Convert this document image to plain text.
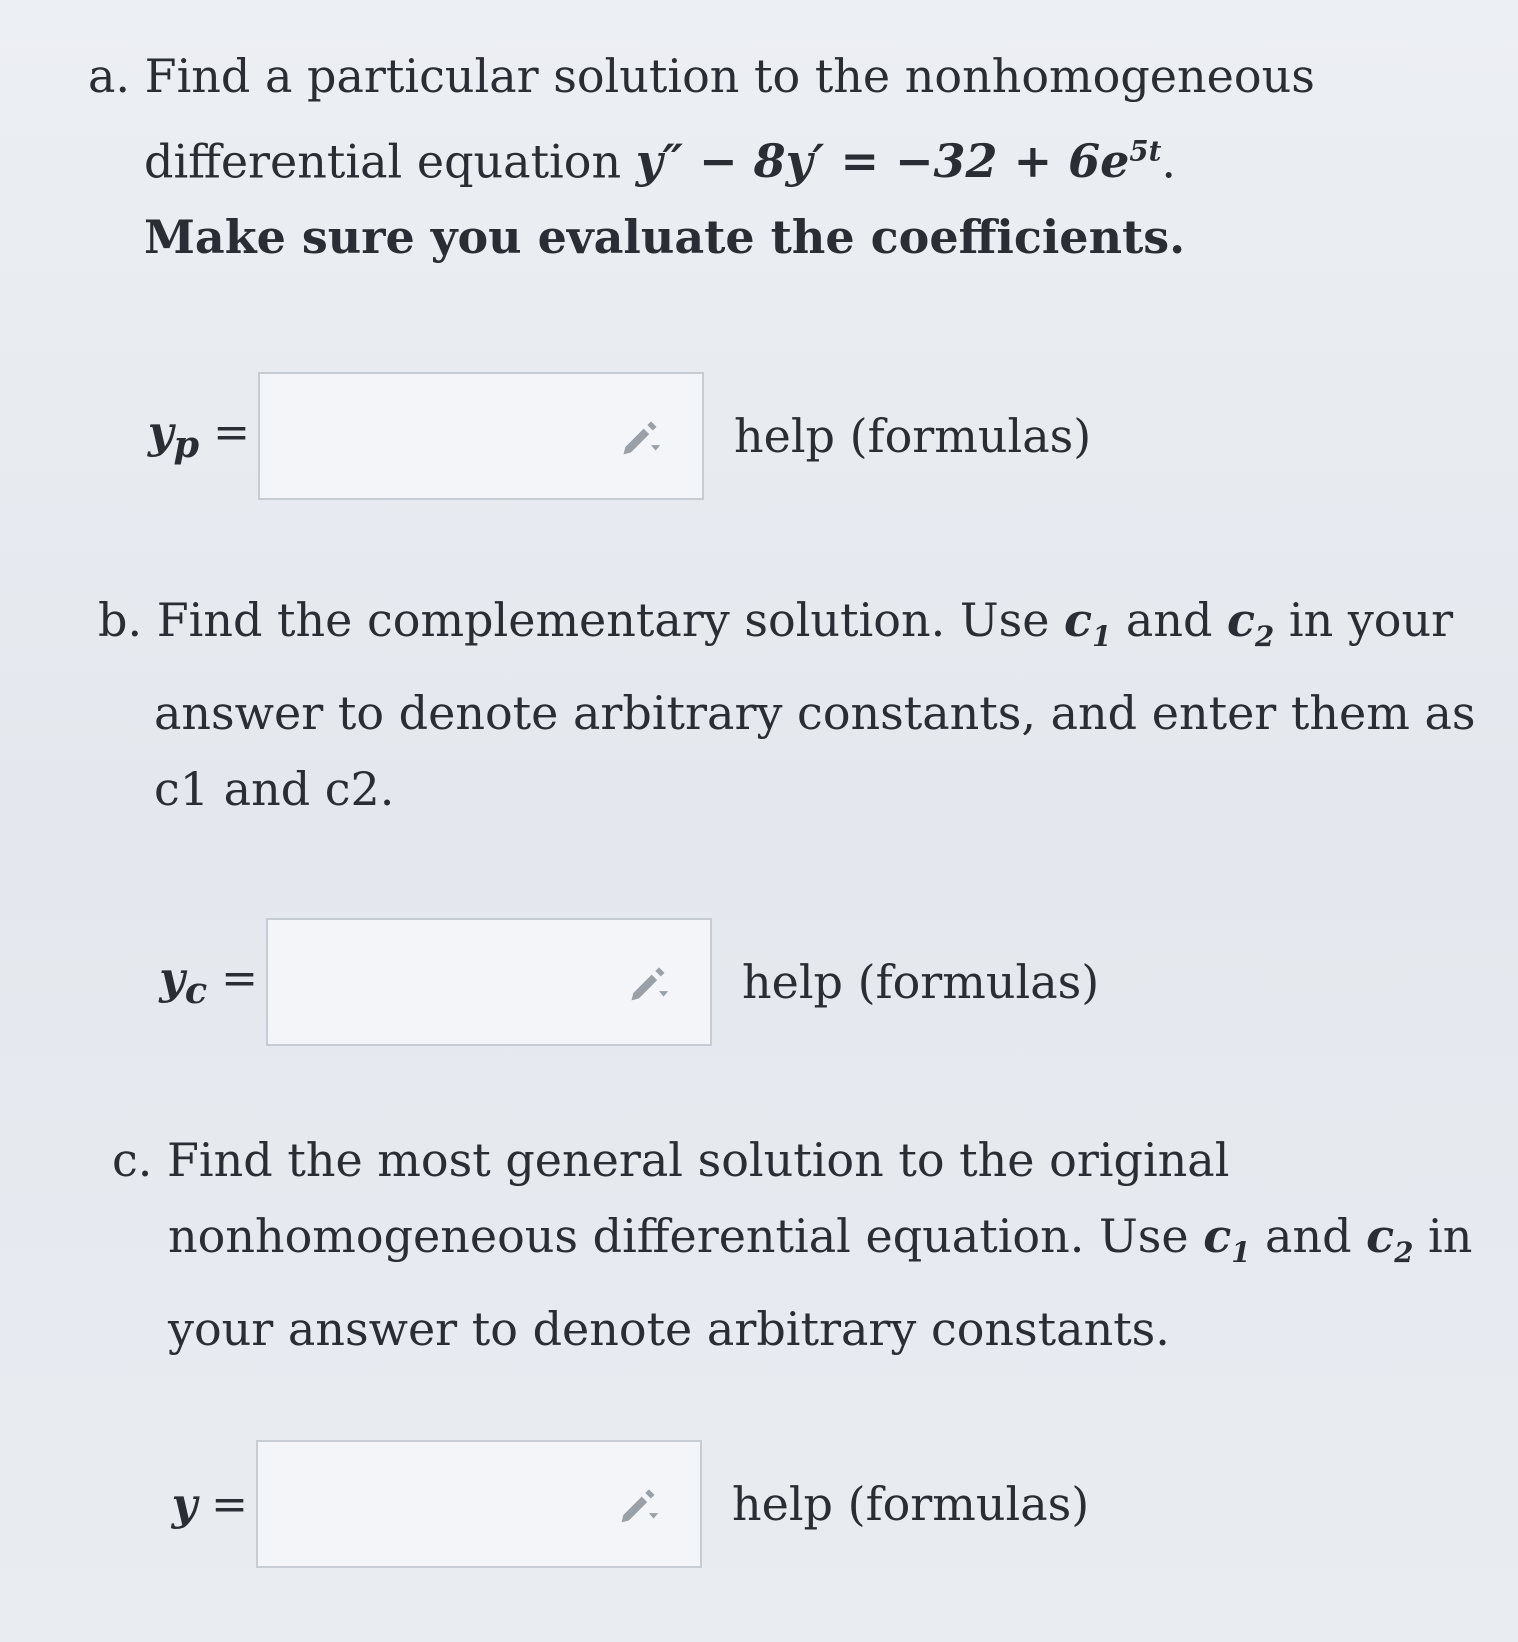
a. Find a particular solution to the nonhomogeneous
differential equation $y'' - 8y' = -32 + 6e^{5t}$.
Make sure you evaluate the coefficients.
$y_p$ =	help (formulas)
b. Find the complementary solution. Use $c_1$ and $c_2$ in your
answer to denote arbitrary constants, and enter them as
c1 and c2.
$y_c$ =	help (formulas)
c. Find the most general solution to the original
nonhomogeneous differential equation. Use $c_1$ and $c_2$ in
your answer to denote arbitrary constants.
y =	help (formulas)
